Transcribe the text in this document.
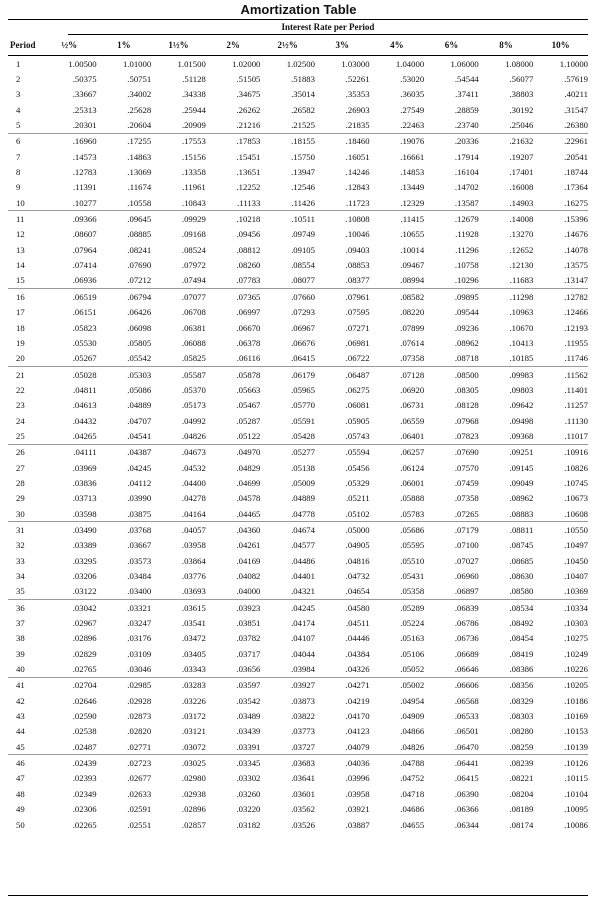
Amortization Table
Interest Rate per Period
Period	½%	1%	1½%	2%	2½%	3%	4%	6%	8%	10%
1	1.00500	1.01000	1.01500	1.02000	1.02500	1.03000	1.04000	1.06000	1.08000	1.10000
2	.50375	.50751	.51128	.51505	.51883	.52261	.53020	.54544	.56077	.57619
3	.33667	.34002	.34338	.34675	.35014	.35353	.36035	.37411	.38803	.40211
4	.25313	.25628	.25944	.26262	.26582	.26903	.27549	.28859	.30192	.31547
5	.20301	.20604	.20909	.21216	.21525	.21835	.22463	.23740	.25046	.26380
6	.16960	.17255	.17553	.17853	.18155	.18460	.19076	.20336	.21632	.22961
7	.14573	.14863	.15156	.15451	.15750	.16051	.16661	.17914	.19207	.20541
8	.12783	.13069	.13358	.13651	.13947	.14246	.14853	.16104	.17401	.18744
9	.11391	.11674	.11961	.12252	.12546	.12843	.13449	.14702	.16008	.17364
10	.10277	.10558	.10843	.11133	.11426	.11723	.12329	.13587	.14903	.16275
11	.09366	.09645	.09929	.10218	.10511	.10808	.11415	.12679	.14008	.15396
12	.08607	.08885	.09168	.09456	.09749	.10046	.10655	.11928	.13270	.14676
13	.07964	.08241	.08524	.08812	.09105	.09403	.10014	.11296	.12652	.14078
14	.07414	.07690	.07972	.08260	.08554	.08853	.09467	.10758	.12130	.13575
15	.06936	.07212	.07494	.07783	.08077	.08377	.08994	.10296	.11683	.13147
16	.06519	.06794	.07077	.07365	.07660	.07961	.08582	.09895	.11298	.12782
17	.06151	.06426	.06708	.06997	.07293	.07595	.08220	.09544	.10963	.12466
18	.05823	.06098	.06381	.06670	.06967	.07271	.07899	.09236	.10670	.12193
19	.05530	.05805	.06088	.06378	.06676	.06981	.07614	.08962	.10413	.11955
20	.05267	.05542	.05825	.06116	.06415	.06722	.07358	.08718	.10185	.11746
21	.05028	.05303	.05587	.05878	.06179	.06487	.07128	.08500	.09983	.11562
22	.04811	.05086	.05370	.05663	.05965	.06275	.06920	.08305	.09803	.11401
23	.04613	.04889	.05173	.05467	.05770	.06081	.06731	.08128	.09642	.11257
24	.04432	.04707	.04992	.05287	.05591	.05905	.06559	.07968	.09498	.11130
25	.04265	.04541	.04826	.05122	.05428	.05743	.06401	.07823	.09368	.11017
26	.04111	.04387	.04673	.04970	.05277	.05594	.06257	.07690	.09251	.10916
27	.03969	.04245	.04532	.04829	.05138	.05456	.06124	.07570	.09145	.10826
28	.03836	.04112	.04400	.04699	.05009	.05329	.06001	.07459	.09049	.10745
29	.03713	.03990	.04278	.04578	.04889	.05211	.05888	.07358	.08962	.10673
30	.03598	.03875	.04164	.04465	.04778	.05102	.05783	.07265	.08883	.10608
31	.03490	.03768	.04057	.04360	.04674	.05000	.05686	.07179	.08811	.10550
32	.03389	.03667	.03958	.04261	.04577	.04905	.05595	.07100	.08745	.10497
33	.03295	.03573	.03864	.04169	.04486	.04816	.05510	.07027	.08685	.10450
34	.03206	.03484	.03776	.04082	.04401	.04732	.05431	.06960	.08630	.10407
35	.03122	.03400	.03693	.04000	.04321	.04654	.05358	.06897	.08580	.10369
36	.03042	.03321	.03615	.03923	.04245	.04580	.05289	.06839	.08534	.10334
37	.02967	.03247	.03541	.03851	.04174	.04511	.05224	.06786	.08492	.10303
38	.02896	.03176	.03472	.03782	.04107	.04446	.05163	.06736	.08454	.10275
39	.02829	.03109	.03405	.03717	.04044	.04384	.05106	.06689	.08419	.10249
40	.02765	.03046	.03343	.03656	.03984	.04326	.05052	.06646	.08386	.10226
41	.02704	.02985	.03283	.03597	.03927	.04271	.05002	.06606	.08356	.10205
42	.02646	.02928	.03226	.03542	.03873	.04219	.04954	.06568	.08329	.10186
43	.02590	.02873	.03172	.03489	.03822	.04170	.04909	.06533	.08303	.10169
44	.02538	.02820	.03121	.03439	.03773	.04123	.04866	.06501	.08280	.10153
45	.02487	.02771	.03072	.03391	.03727	.04079	.04826	.06470	.08259	.10139
46	.02439	.02723	.03025	.03345	.03683	.04036	.04788	.06441	.08239	.10126
47	.02393	.02677	.02980	.03302	.03641	.03996	.04752	.06415	.08221	.10115
48	.02349	.02633	.02938	.03260	.03601	.03958	.04718	.06390	.08204	.10104
49	.02306	.02591	.02896	.03220	.03562	.03921	.04686	.06366	.08189	.10095
50	.02265	.02551	.02857	.03182	.03526	.03887	.04655	.06344	.08174	.10086
